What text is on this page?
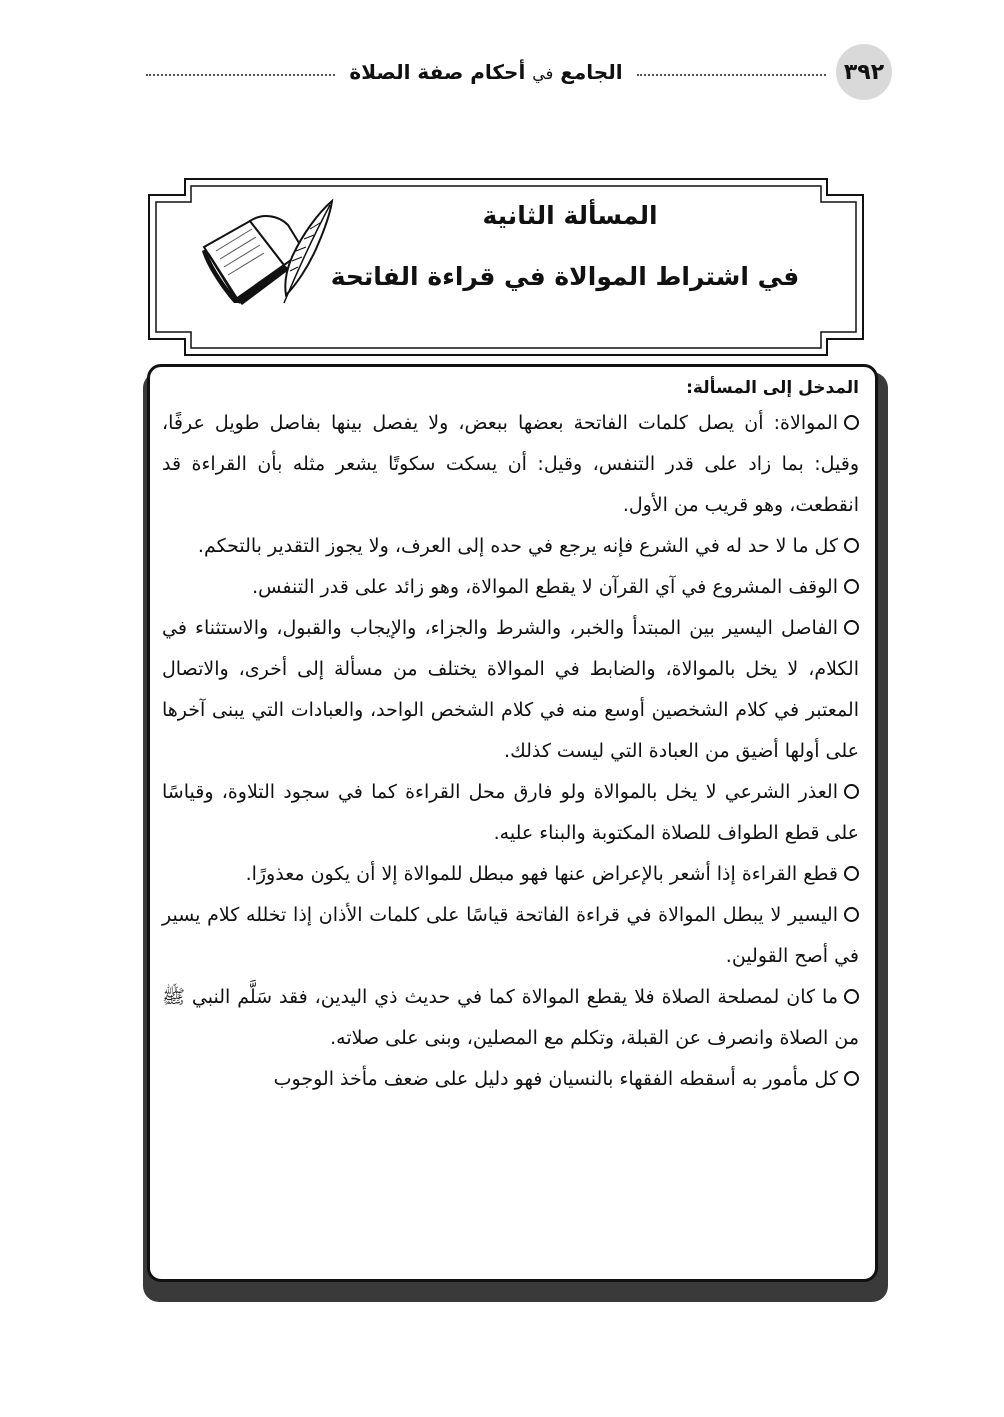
٣٩٢
الجامع في أحكام صفة الصلاة
المسألة الثانية
في اشتراط الموالاة في قراءة الفاتحة
المدخل إلى المسألة:
الموالاة: أن يصل كلمات الفاتحة بعضها ببعض، ولا يفصل بينها بفاصل طويل عرفًا، وقيل: بما زاد على قدر التنفس، وقيل: أن يسكت سكوتًا يشعر مثله بأن القراءة قد انقطعت، وهو قريب من الأول.
كل ما لا حد له في الشرع فإنه يرجع في حده إلى العرف، ولا يجوز التقدير بالتحكم.
الوقف المشروع في آي القرآن لا يقطع الموالاة، وهو زائد على قدر التنفس.
الفاصل اليسير بين المبتدأ والخبر، والشرط والجزاء، والإيجاب والقبول، والاستثناء في الكلام، لا يخل بالموالاة، والضابط في الموالاة يختلف من مسألة إلى أخرى، والاتصال المعتبر في كلام الشخصين أوسع منه في كلام الشخص الواحد، والعبادات التي يبنى آخرها على أولها أضيق من العبادة التي ليست كذلك.
العذر الشرعي لا يخل بالموالاة ولو فارق محل القراءة كما في سجود التلاوة، وقياسًا على قطع الطواف للصلاة المكتوبة والبناء عليه.
قطع القراءة إذا أشعر بالإعراض عنها فهو مبطل للموالاة إلا أن يكون معذورًا.
اليسير لا يبطل الموالاة في قراءة الفاتحة قياسًا على كلمات الأذان إذا تخلله كلام يسير في أصح القولين.
ما كان لمصلحة الصلاة فلا يقطع الموالاة كما في حديث ذي اليدين، فقد سَلَّم النبي ﷺ من الصلاة وانصرف عن القبلة، وتكلم مع المصلين، وبنى على صلاته.
كل مأمور به أسقطه الفقهاء بالنسيان فهو دليل على ضعف مأخذ الوجوب
